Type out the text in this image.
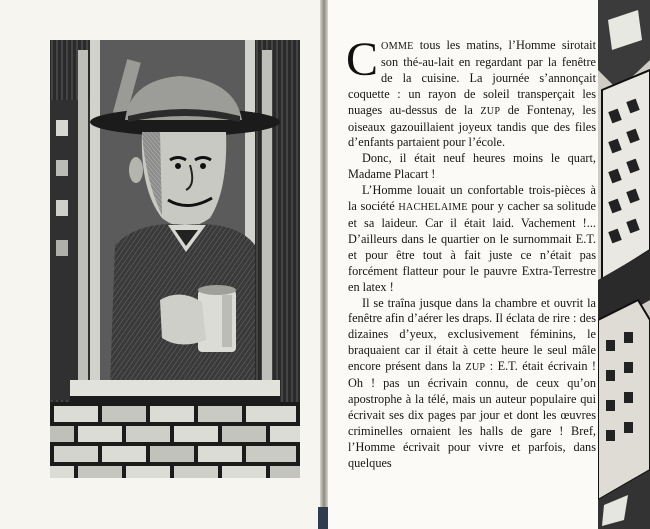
COMME tous les matins, l’Homme sirotait son thé-au-lait en regardant par la fenêtre de la cuisine. La journée s’annonçait coquette : un rayon de soleil transperçait les nuages au-dessus de la ZUP de Fontenay, les oiseaux gazouillaient joyeux tandis que des files d’enfants partaient pour l’école.

Donc, il était neuf heures moins le quart, Madame Placart !

L’Homme louait un confortable trois-pièces à la société HACHELAIME pour y cacher sa solitude et sa laideur. Car il était laid. Vachement !... D’ailleurs dans le quartier on le surnommait E.T. et pour être tout à fait juste ce n’était pas forcément flatteur pour le pauvre Extra-Terrestre en latex !

Il se traîna jusque dans la chambre et ouvrit la fenêtre afin d’aérer les draps. Il éclata de rire : des dizaines d’yeux, exclusivement féminins, le braquaient car il était à cette heure le seul mâle encore présent dans la ZUP : E.T. était écrivain ! Oh ! pas un écrivain connu, de ceux qu’on apostrophe à la télé, mais un auteur populaire qui écrivait ses dix pages par jour et dont les œuvres criminelles ornaient les halls de gare ! Bref, l’Homme écrivait pour vivre et parfois, dans quelques
